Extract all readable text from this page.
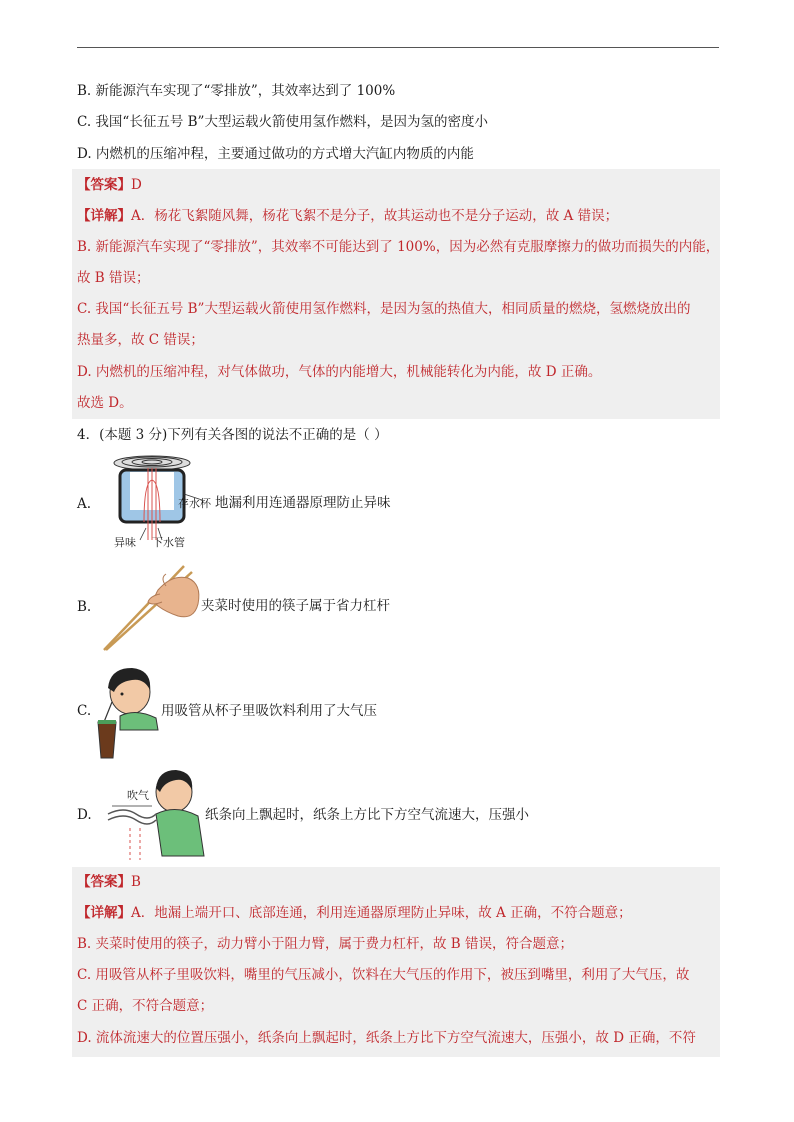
B. 新能源汽车实现了“零排放”，其效率达到了 100%
C. 我国“长征五号 B”大型运载火箭使用氢作燃料，是因为氢的密度小
D. 内燃机的压缩冲程，主要通过做功的方式增大汽缸内物质的内能
【答案】D
【详解】A．杨花飞絮随风舞，杨花飞絮不是分子，故其运动也不是分子运动，故 A 错误；
B. 新能源汽车实现了“零排放”，其效率不可能达到了 100%，因为必然有克服摩擦力的做功而损失的内能，
故 B 错误；
C. 我国“长征五号 B”大型运载火箭使用氢作燃料，是因为氢的热值大，相同质量的燃烧，氢燃烧放出的
热量多，故 C 错误；
D. 内燃机的压缩冲程，对气体做功，气体的内能增大，机械能转化为内能，故 D 正确。
故选 D。
4．(本题 3 分)下列有关各图的说法不正确的是（ ）
A.	存水杯
异味 下水管
地漏利用连通器原理防止异味
B.	夹菜时使用的筷子属于省力杠杆
C.	用吸管从杯子里吸饮料利用了大气压
D.
吹气
纸条向上飘起时，纸条上方比下方空气流速大，压强小
【答案】B
【详解】A．地漏上端开口、底部连通，利用连通器原理防止异味，故 A 正确，不符合题意；
B. 夹菜时使用的筷子，动力臂小于阻力臂，属于费力杠杆，故 B 错误，符合题意；
C. 用吸管从杯子里吸饮料，嘴里的气压减小，饮料在大气压的作用下，被压到嘴里，利用了大气压，故
C 正确，不符合题意；
D. 流体流速大的位置压强小，纸条向上飘起时，纸条上方比下方空气流速大，压强小，故 D 正确，不符
